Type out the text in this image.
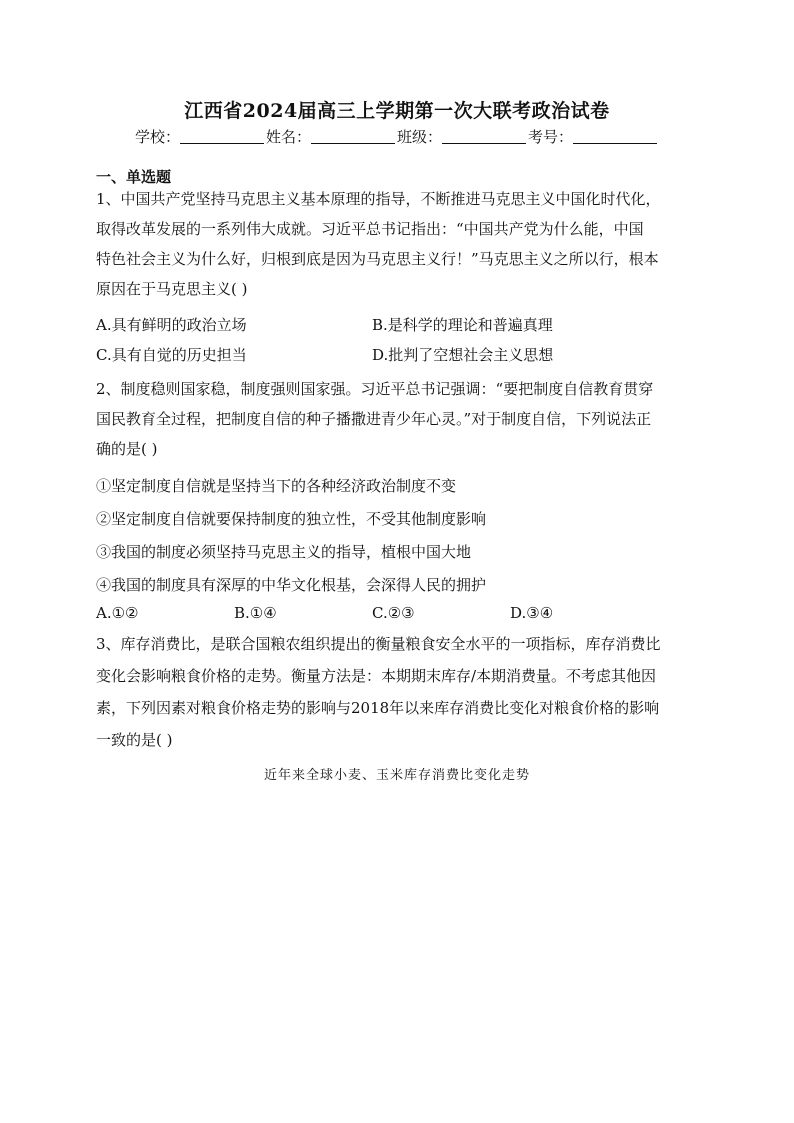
江西省2024届高三上学期第一次大联考政治试卷
学校：	姓名：	班级：	考号：
一、单选题
1、中国共产党坚持马克思主义基本原理的指导，不断推进马克思主义中国化时代化，
取得改革发展的一系列伟大成就。习近平总书记指出：“中国共产党为什么能，中国
特色社会主义为什么好，归根到底是因为马克思主义行！”马克思主义之所以行，根本
原因在于马克思主义( )
A.具有鲜明的政治立场	B.是科学的理论和普遍真理
C.具有自觉的历史担当	D.批判了空想社会主义思想
2、制度稳则国家稳，制度强则国家强。习近平总书记强调：“要把制度自信教育贯穿
国民教育全过程，把制度自信的种子播撒进青少年心灵。”对于制度自信，下列说法正
确的是( )
①坚定制度自信就是坚持当下的各种经济政治制度不变
②坚定制度自信就要保持制度的独立性，不受其他制度影响
③我国的制度必须坚持马克思主义的指导，植根中国大地
④我国的制度具有深厚的中华文化根基，会深得人民的拥护
A.①②	B.①④	C.②③	D.③④
3、库存消费比，是联合国粮农组织提出的衡量粮食安全水平的一项指标，库存消费比
变化会影响粮食价格的走势。衡量方法是：本期期末库存/本期消费量。不考虑其他因
素，下列因素对粮食价格走势的影响与2018年以来库存消费比变化对粮食价格的影响
一致的是( )
近年来全球小麦、玉米库存消费比变化走势
